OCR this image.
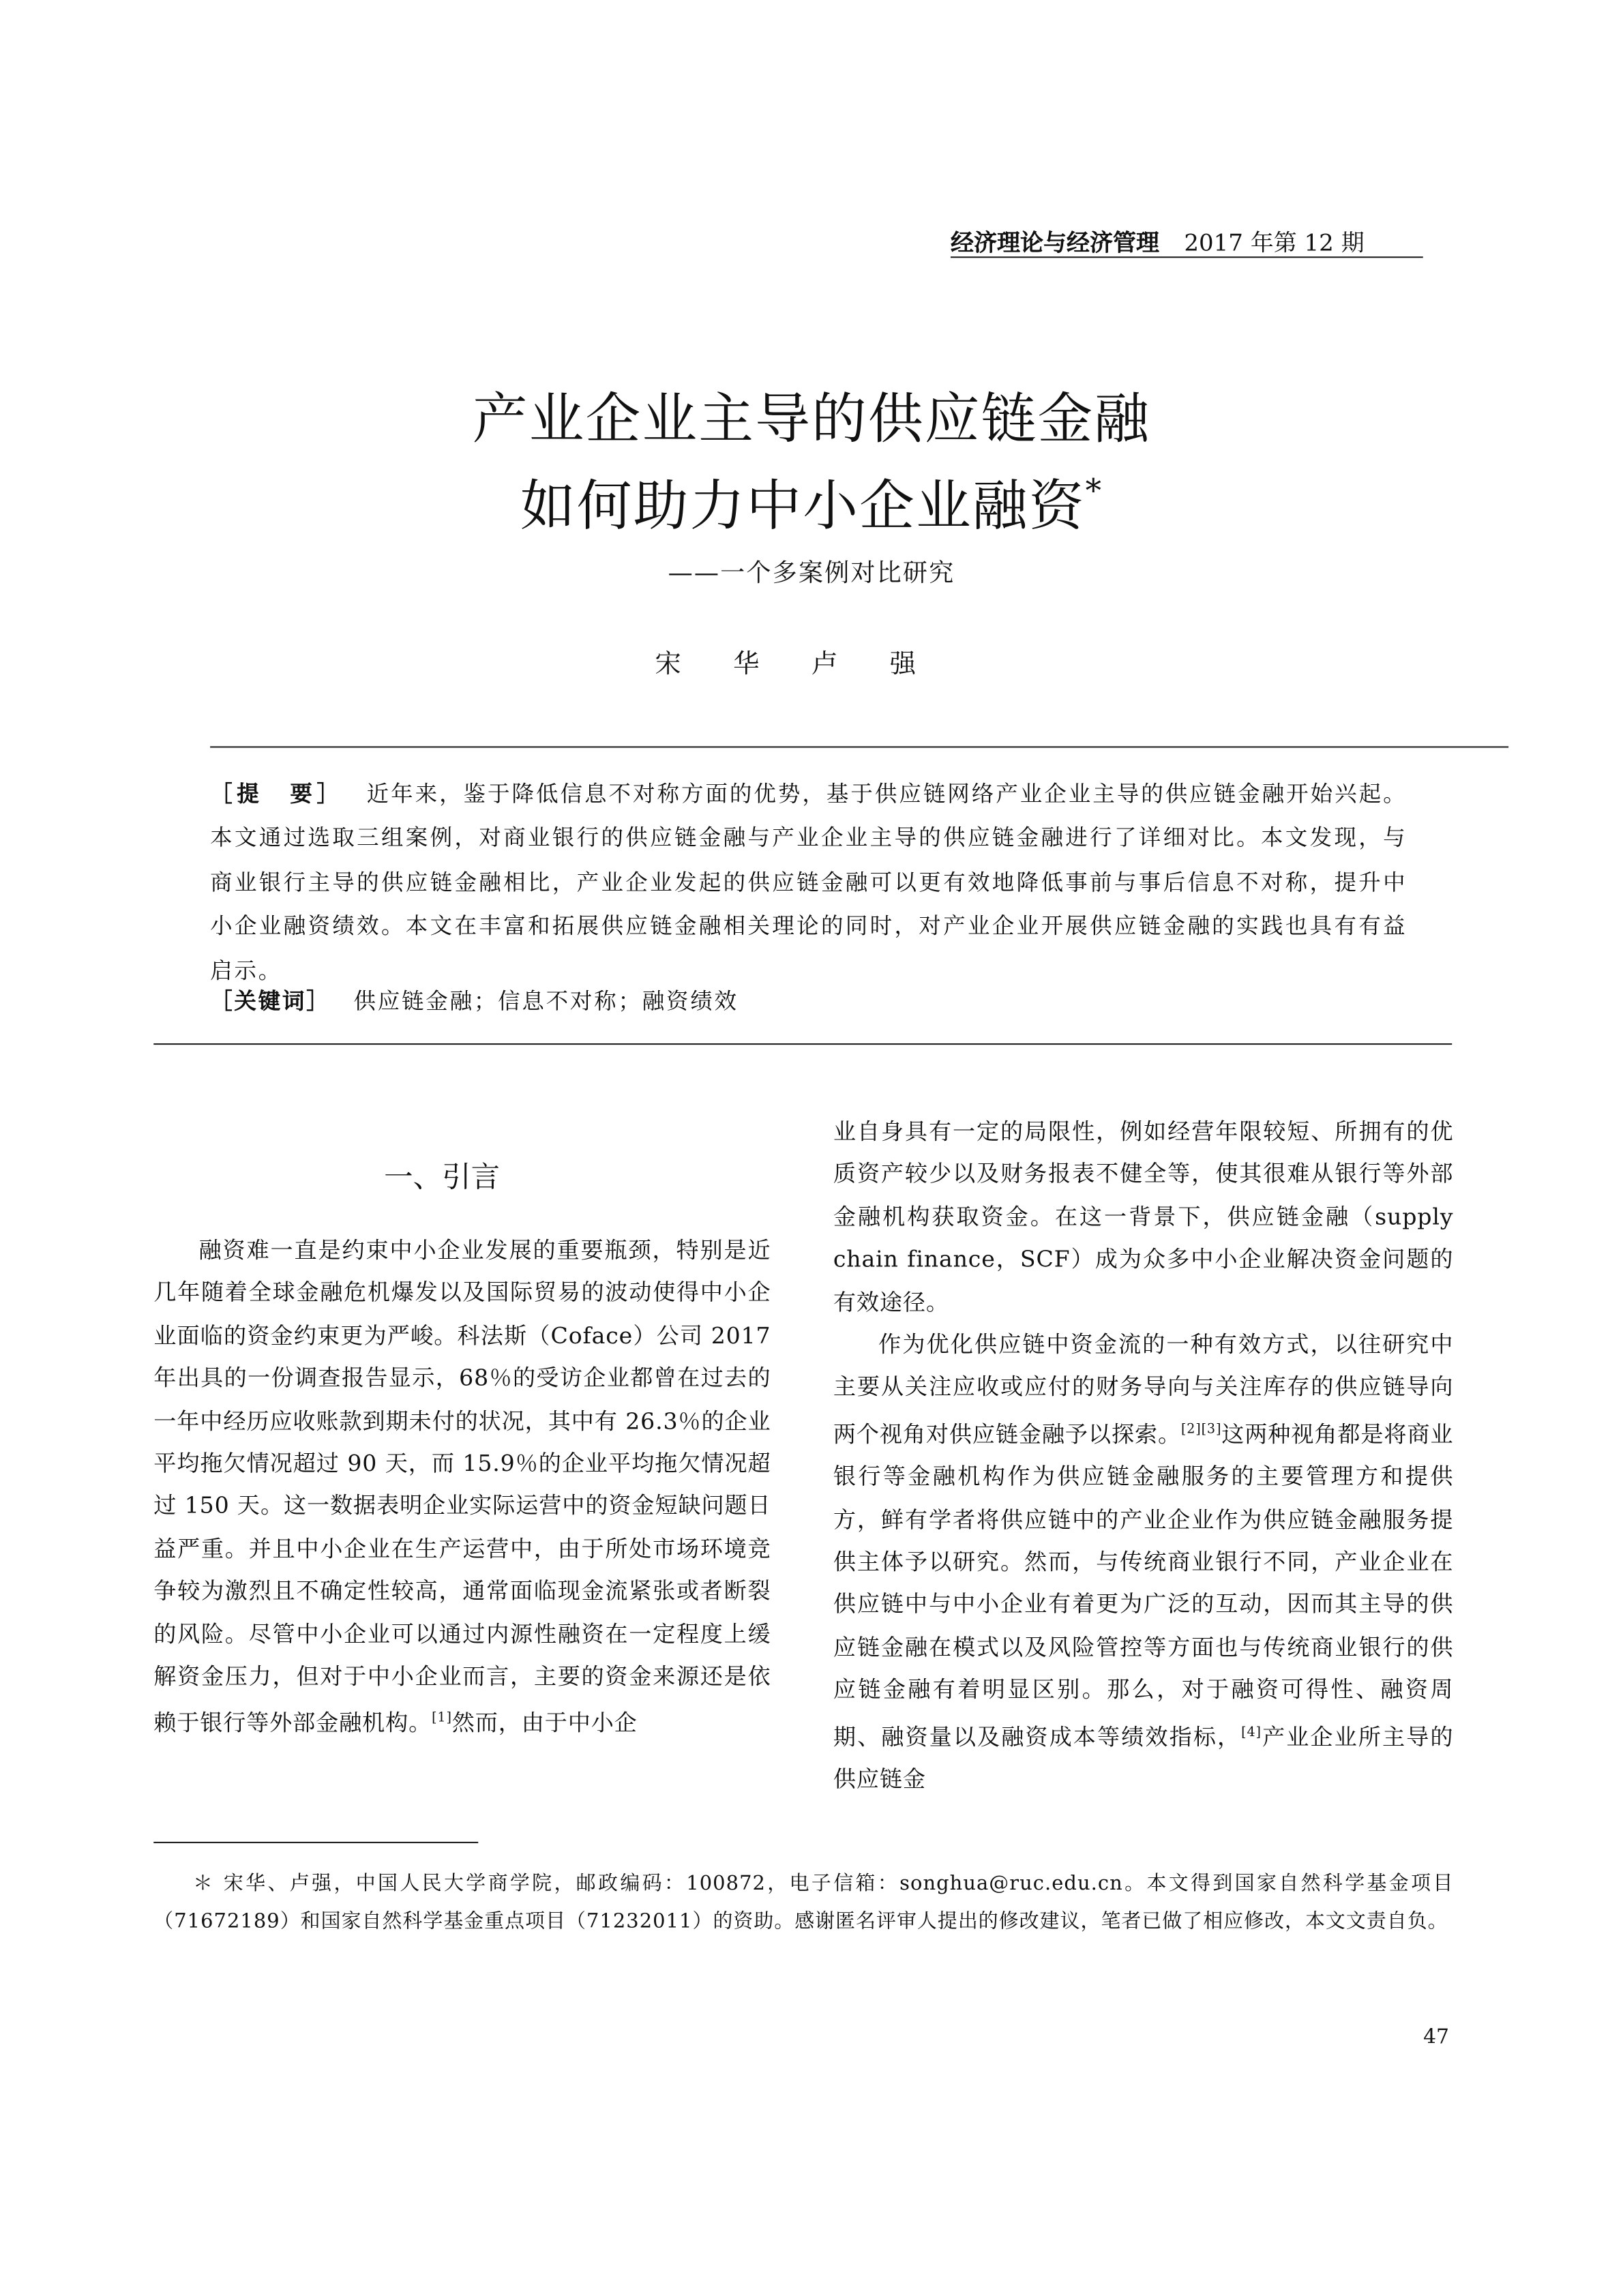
经济理论与经济管理 2017 年第 12 期
产业企业主导的供应链金融
如何助力中小企业融资*
——一个多案例对比研究
宋华卢强

［提　要］ 近年来，鉴于降低信息不对称方面的优势，基于供应链网络产业企业主导的供应链金融开始兴起。本文通过选取三组案例，对商业银行的供应链金融与产业企业主导的供应链金融进行了详细对比。本文发现，与商业银行主导的供应链金融相比，产业企业发起的供应链金融可以更有效地降低事前与事后信息不对称，提升中小企业融资绩效。本文在丰富和拓展供应链金融相关理论的同时，对产业企业开展供应链金融的实践也具有有益启示。

［关键词］ 供应链金融；信息不对称；融资绩效
一、引言

融资难一直是约束中小企业发展的重要瓶颈，特别是近几年随着全球金融危机爆发以及国际贸易的波动使得中小企业面临的资金约束更为严峻。科法斯（Coface）公司 2017 年出具的一份调查报告显示，68％的受访企业都曾在过去的一年中经历应收账款到期未付的状况，其中有 26.3％的企业平均拖欠情况超过 90 天，而 15.9％的企业平均拖欠情况超过 150 天。这一数据表明企业实际运营中的资金短缺问题日益严重。并且中小企业在生产运营中，由于所处市场环境竞争较为激烈且不确定性较高，通常面临现金流紧张或者断裂的风险。尽管中小企业可以通过内源性融资在一定程度上缓解资金压力，但对于中小企业而言，主要的资金来源还是依赖于银行等外部金融机构。[1]然而，由于中小企

业自身具有一定的局限性，例如经营年限较短、所拥有的优质资产较少以及财务报表不健全等，使其很难从银行等外部金融机构获取资金。在这一背景下，供应链金融（supply chain finance，SCF）成为众多中小企业解决资金问题的有效途径。

作为优化供应链中资金流的一种有效方式，以往研究中主要从关注应收或应付的财务导向与关注库存的供应链导向两个视角对供应链金融予以探索。[2][3]这两种视角都是将商业银行等金融机构作为供应链金融服务的主要管理方和提供方，鲜有学者将供应链中的产业企业作为供应链金融服务提供主体予以研究。然而，与传统商业银行不同，产业企业在供应链中与中小企业有着更为广泛的互动，因而其主导的供应链金融在模式以及风险管控等方面也与传统商业银行的供应链金融有着明显区别。那么，对于融资可得性、融资周期、融资量以及融资成本等绩效指标，[4]产业企业所主导的供应链金

＊ 宋华、卢强，中国人民大学商学院，邮政编码：100872，电子信箱：songhua@ruc.edu.cn。本文得到国家自然科学基金项目（71672189）和国家自然科学基金重点项目（71232011）的资助。感谢匿名评审人提出的修改建议，笔者已做了相应修改，本文文责自负。
47
